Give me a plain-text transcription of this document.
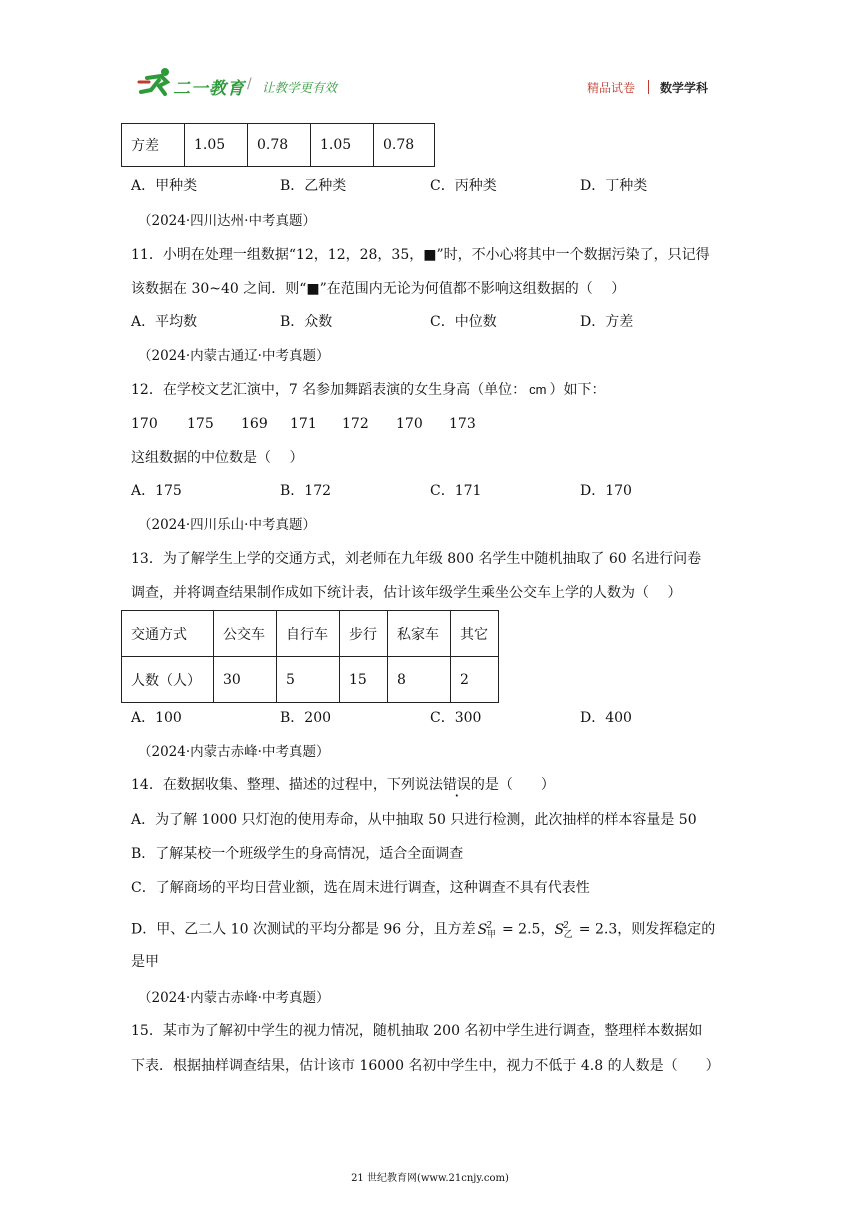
二一教育 / 让教学更有效	精品试卷 数学学科
方差	1.05	0.78	1.05	0.78
A．甲种类	B．乙种类	C．丙种类	D．丁种类
（2024·四川达州·中考真题）
11．小明在处理一组数据“12，12，28，35，■”时，不小心将其中一个数据污染了，只记得
该数据在 30~40 之间．则“■”在范围内无论为何值都不影响这组数据的（　 ）
A．平均数	B．众数	C．中位数	D．方差
（2024·内蒙古通辽·中考真题）
12．在学校文艺汇演中，7 名参加舞蹈表演的女生身高（单位： cm ）如下：
170 175 169 171 172 170 173
这组数据的中位数是（　 ）
A．175	B．172	C．171	D．170
（2024·四川乐山·中考真题）
13．为了解学生上学的交通方式，刘老师在九年级 800 名学生中随机抽取了 60 名进行问卷
调查，并将调查结果制作成如下统计表，估计该年级学生乘坐公交车上学的人数为（　 ）
交通方式	公交车	自行车	步行	私家车	其它
人数（人）	30	5	15	8	2
A．100	B．200	C．300	D．400
（2024·内蒙古赤峰·中考真题）
14．在数据收集、整理、描述的过程中，下列说法错误的是（　　）
A．为了解 1000 只灯泡的使用寿命，从中抽取 50 只进行检测，此次抽样的样本容量是 50
B．了解某校一个班级学生的身高情况，适合全面调查
C．了解商场的平均日营业额，选在周末进行调查，这种调查不具有代表性
D．甲、乙二人 10 次测试的平均分都是 96 分，且方差 $S^2_甲 = 2.5$，$S^2_乙 = 2.3$，则发挥稳定的
是甲
（2024·内蒙古赤峰·中考真题）
15．某市为了解初中学生的视力情况，随机抽取 200 名初中学生进行调查，整理样本数据如
下表．根据抽样调查结果，估计该市 16000 名初中学生中，视力不低于 4.8 的人数是（　　）
21 世纪教育网(www.21cnjy.com)
